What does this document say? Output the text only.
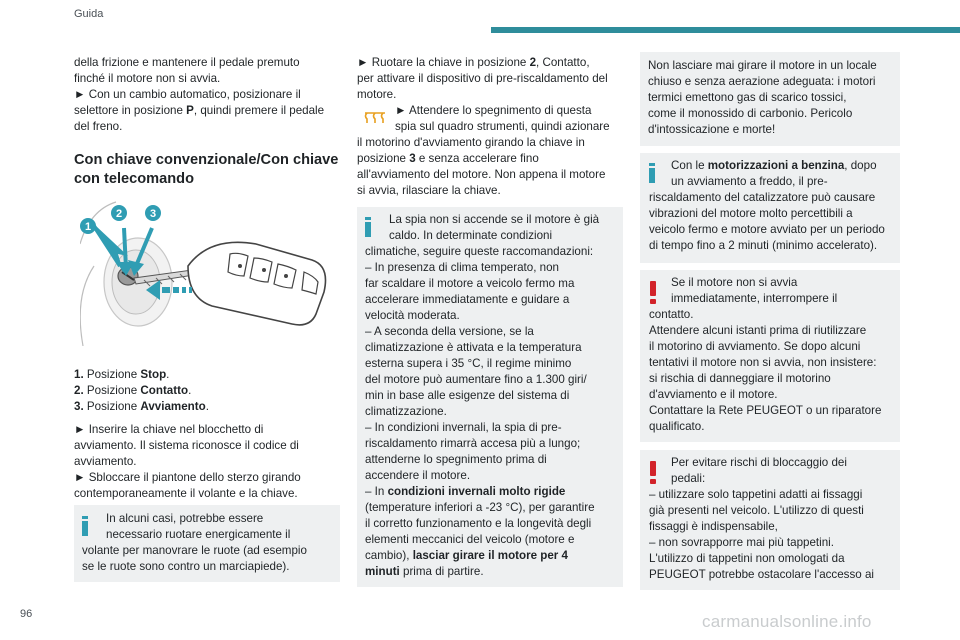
Guida

della frizione e mantenere il pedale premuto

finché il motore non si avvia.

► Con un cambio automatico, posizionare il

selettore in posizione P, quindi premere il pedale

del freno.

Con chiave convenzionale/Con chiave
con telecomando
1
2	3

1. Posizione Stop.

2. Posizione Contatto.

3. Posizione Avviamento.

► Inserire la chiave nel blocchetto di

avviamento. Il sistema riconosce il codice di

avviamento.

► Sbloccare il piantone dello sterzo girando

contemporaneamente il volante e la chiave.

In alcuni casi, potrebbe essere

necessario ruotare energicamente il

volante per manovrare le ruote (ad esempio

se le ruote sono contro un marciapiede).

► Ruotare la chiave in posizione 2, Contatto,

per attivare il dispositivo di pre-riscaldamento del

motore.

► Attendere lo spegnimento di questa

spia sul quadro strumenti, quindi azionare

il motorino d'avviamento girando la chiave in

posizione 3 e senza accelerare fino

all'avviamento del motore. Non appena il motore

si avvia, rilasciare la chiave.

La spia non si accende se il motore è già

caldo. In determinate condizioni

climatiche, seguire queste raccomandazioni:

– In presenza di clima temperato, non

far scaldare il motore a veicolo fermo ma

accelerare immediatamente e guidare a

velocità moderata.

– A seconda della versione, se la

climatizzazione è attivata e la temperatura

esterna supera i 35 °C, il regime minimo

del motore può aumentare fino a 1.300 giri/

min in base alle esigenze del sistema di

climatizzazione.

– In condizioni invernali, la spia di pre-

riscaldamento rimarrà accesa più a lungo;

attenderne lo spegnimento prima di

accendere il motore.

– In condizioni invernali molto rigide

(temperature inferiori a -23 °C), per garantire

il corretto funzionamento e la longevità degli

elementi meccanici del veicolo (motore e

cambio), lasciar girare il motore per 4

minuti prima di partire.

Non lasciare mai girare il motore in un locale

chiuso e senza aerazione adeguata: i motori

termici emettono gas di scarico tossici,

come il monossido di carbonio. Pericolo

d'intossicazione e morte!

Con le motorizzazioni a benzina, dopo

un avviamento a freddo, il pre-

riscaldamento del catalizzatore può causare

vibrazioni del motore molto percettibili a

veicolo fermo e motore avviato per un periodo

di tempo fino a 2 minuti (minimo accelerato).

Se il motore non si avvia

immediatamente, interrompere il

contatto.

Attendere alcuni istanti prima di riutilizzare

il motorino di avviamento. Se dopo alcuni

tentativi il motore non si avvia, non insistere:

si rischia di danneggiare il motorino

d'avviamento e il motore.

Contattare la Rete PEUGEOT o un riparatore

qualificato.

Per evitare rischi di bloccaggio dei

pedali:

– utilizzare solo tappetini adatti ai fissaggi

già presenti nel veicolo. L'utilizzo di questi

fissaggi è indispensabile,

– non sovrapporre mai più tappetini.

L'utilizzo di tappetini non omologati da

PEUGEOT potrebbe ostacolare l'accesso ai

96	carmanualsonline.info
